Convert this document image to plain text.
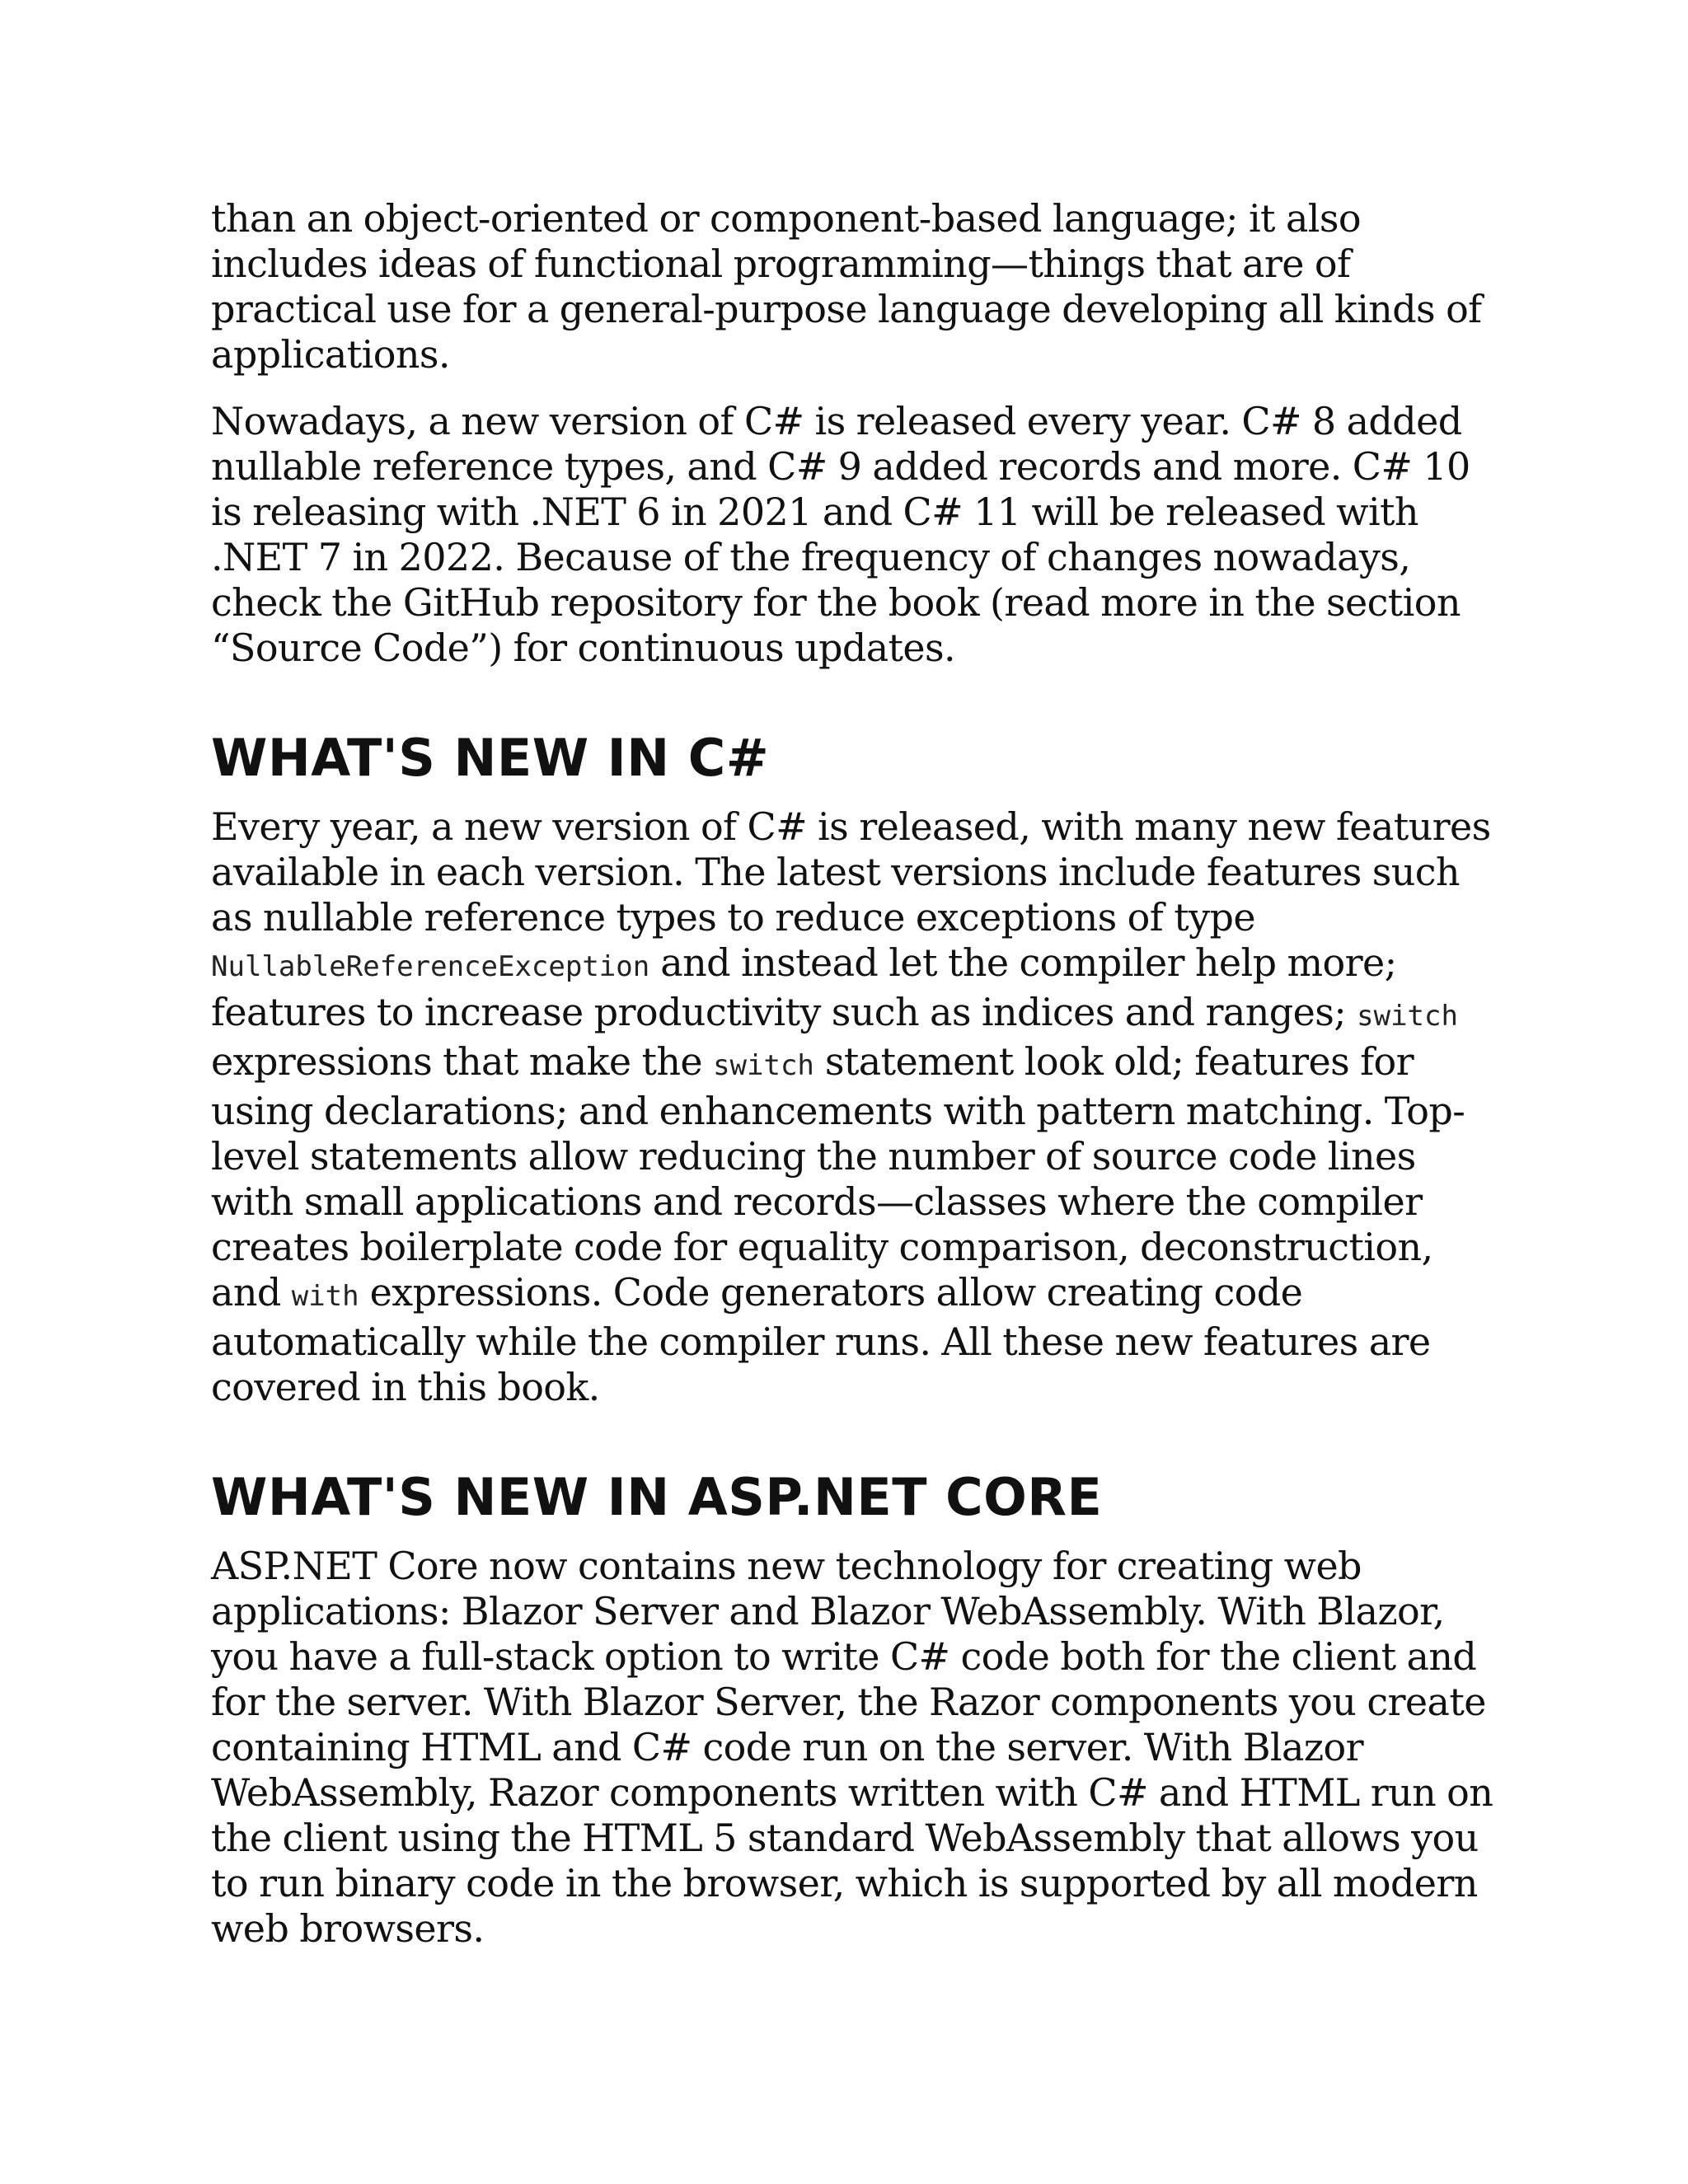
than an object-oriented or component-based language; it also includes ideas of functional programming—things that are of practical use for a general-purpose language developing all kinds of applications.

Nowadays, a new version of C# is released every year. C# 8 added nullable reference types, and C# 9 added records and more. C# 10 is releasing with .NET 6 in 2021 and C# 11 will be released with .NET 7 in 2022. Because of the frequency of changes nowadays, check the GitHub repository for the book (read more in the section “Source Code”) for continuous updates.

WHAT'S NEW IN C#

Every year, a new version of C# is released, with many new features available in each version. The latest versions include features such as nullable reference types to reduce exceptions of type NullableReferenceException and instead let the compiler help more; features to increase productivity such as indices and ranges; switch expressions that make the switch statement look old; features for using declarations; and enhancements with pattern matching. Top-level statements allow reducing the number of source code lines with small applications and records—classes where the compiler creates boilerplate code for equality comparison, deconstruction, and with expressions. Code generators allow creating code automatically while the compiler runs. All these new features are covered in this book.

WHAT'S NEW IN ASP.NET CORE

ASP.NET Core now contains new technology for creating web applications: Blazor Server and Blazor WebAssembly. With Blazor, you have a full-stack option to write C# code both for the client and for the server. With Blazor Server, the Razor components you create containing HTML and C# code run on the server. With Blazor WebAssembly, Razor components written with C# and HTML run on the client using the HTML 5 standard WebAssembly that allows you to run binary code in the browser, which is supported by all modern web browsers.
